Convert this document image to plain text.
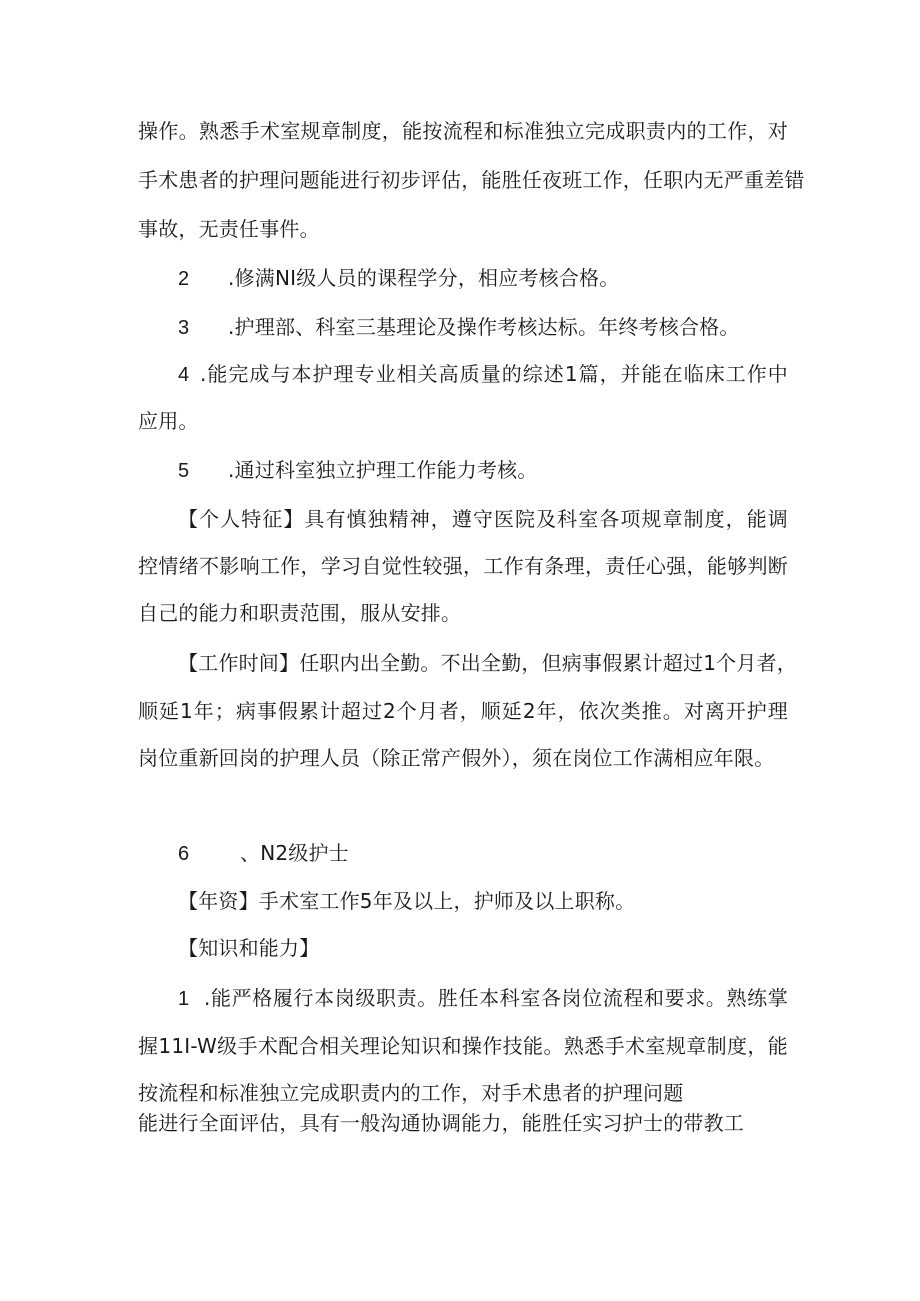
操作。熟悉手术室规章制度，能按流程和标准独立完成职责内的工作，对
手术患者的护理问题能进行初步评估，能胜任夜班工作，任职内无严重差错
事故，无责任事件。
2 .修满NI级人员的课程学分，相应考核合格。
3 .护理部、科室三基理论及操作考核达标。年终考核合格。
4 .能完成与本护理专业相关高质量的综述1篇，并能在临床工作中
应用。
5 .通过科室独立护理工作能力考核。
【个人特征】具有慎独精神，遵守医院及科室各项规章制度，能调
控情绪不影响工作，学习自觉性较强，工作有条理，责任心强，能够判断
自己的能力和职责范围，服从安排。
【工作时间】任职内出全勤。不出全勤，但病事假累计超过1个月者，
顺延1年；病事假累计超过2个月者，顺延2年，依次类推。对离开护理
岗位重新回岗的护理人员（除正常产假外），须在岗位工作满相应年限。
6	、N2级护士
【年资】手术室工作5年及以上，护师及以上职称。
【知识和能力】
1 .能严格履行本岗级职责。胜任本科室各岗位流程和要求。熟练掌
握11I-W级手术配合相关理论知识和操作技能。熟悉手术室规章制度，能
按流程和标准独立完成职责内的工作，对手术患者的护理问题
能进行全面评估，具有一般沟通协调能力，能胜任实习护士的带教工
